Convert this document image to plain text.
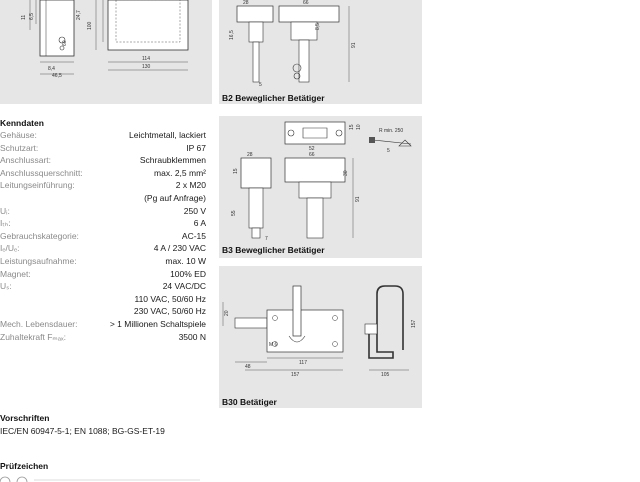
11 6,5	24,7
60
8,4
46,5
100
114
130
Kenndaten
Gehäuse:	Leichtmetall, lackiert
Schutzart:	IP 67
Anschlussart:	Schraubklemmen
Anschlussquerschnitt:	max. 2,5 mm²
Leitungseinführung:	2 x M20
(Pg auf Anfrage)
Uᵢ:	250 V
Iₜₕ:	6 A
Gebrauchskategorie:	AC-15
Iₑ/Uₑ:	4 A / 230 VAC
Leistungsaufnahme:	max. 10 W
Magnet:	100% ED
Uₛ:	24 VAC/DC
110 VAC, 50/60 Hz
230 VAC, 50/60 Hz
Mech. Lebensdauer:	> 1 Millionen Schaltspiele
Zuhaltekraft Fₘₐₓ:	3500 N
Vorschriften
IEC/EN 60947-5-1; EN 1088; BG-GS-ET-19
Prüfzeichen
28	66
91
5
16,5
8,5
B2 Beweglicher Betätiger
15 10
28
52
66
15
91
55
30
7
R min. 250
5
B3 Beweglicher Betätiger
20
M 6
117
157
48
105
157
B30 Betätiger
